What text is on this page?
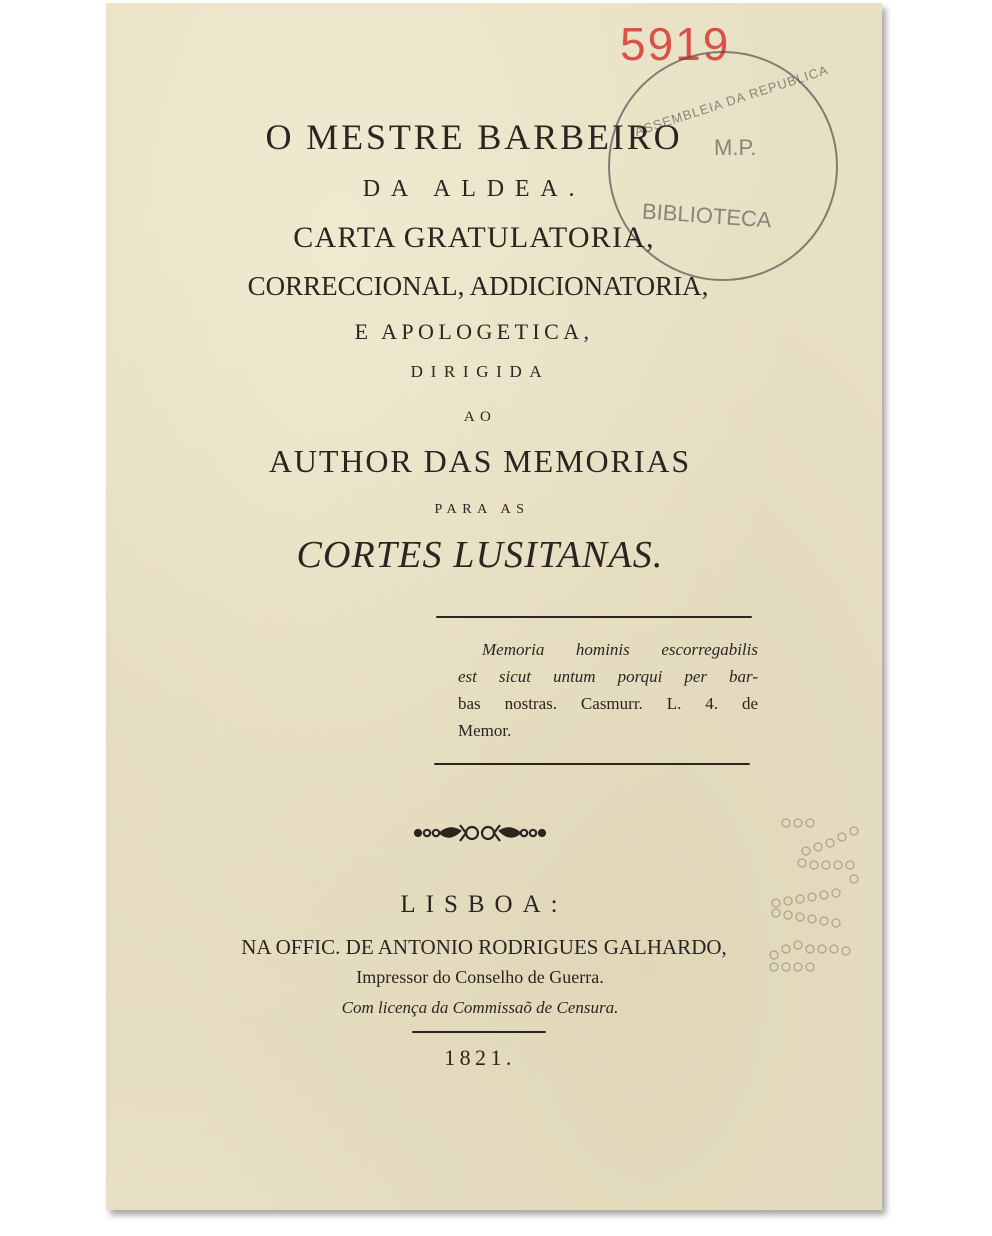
5919
ASSEMBLEIA DA REPUBLICA
M.P.
BIBLIOTECA
O MESTRE BARBEIRO
DA ALDEA.
CARTA GRATULATORIA,
CORRECCIONAL, ADDICIONATORIA,
E APOLOGETICA,
DIRIGIDA
AO
AUTHOR DAS MEMORIAS
PARA AS
CORTES LUSITANAS.
Memoria hominis escorregabilis
est sicut untum porqui per bar-
bas nostras. Casmurr. L. 4. de
Memor.
LISBOA:
NA OFFIC. DE ANTONIO RODRIGUES GALHARDO,
Impressor do Conselho de Guerra.
Com licença da Commissaõ de Censura.
1821.
